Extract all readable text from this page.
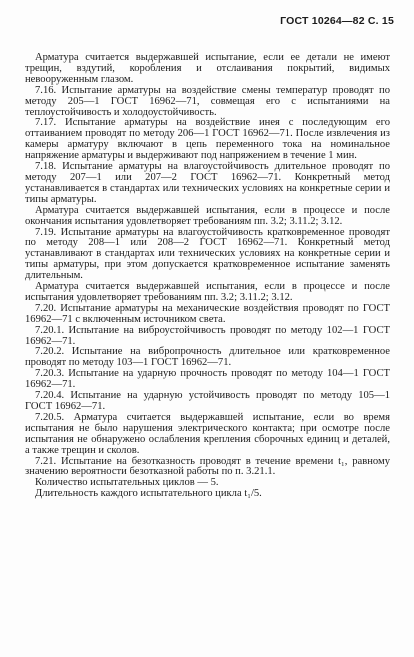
ГОСТ 10264—82 С. 15

Арматура считается выдержавшей испытание, если ее детали не имеют трещин, вздутий, коробления и отслаивания покрытий, видимых невооруженным глазом.

7.16. Испытание арматуры на воздействие смены температур проводят по методу 205—1 ГОСТ 16962—71, совмещая его с испытаниями на теплоустойчивость и холодоустойчивость.

7.17. Испытание арматуры на воздействие инея с последующим его оттаиванием проводят по методу 206—1 ГОСТ 16962—71. После извлечения из камеры арматуру включают в цепь переменного тока на номинальное напряжение арматуры и выдерживают под напряжением в течение 1 мин.

7.18. Испытание арматуры на влагоустойчивость длительное проводят по методу 207—1 или 207—2 ГОСТ 16962—71. Конкретный метод устанавливается в стандартах или технических условиях на конкретные серии и типы арматуры.

Арматура считается выдержавшей испытания, если в процессе и после окончания испытания удовлетворяет требованиям пп. 3.2; 3.11.2; 3.12.

7.19. Испытание арматуры на влагоустойчивость кратковременное проводят по методу 208—1 или 208—2 ГОСТ 16962—71. Конкретный метод устанавливают в стандартах или технических условиях на конкретные серии и типы арматуры, при этом допускается кратковременное испытание заменять длительным.

Арматура считается выдержавшей испытания, если в процессе и после испытания удовлетворяет требованиям пп. 3.2; 3.11.2; 3.12.

7.20. Испытание арматуры на механические воздействия проводят по ГОСТ 16962—71 с включенным источником света.

7.20.1. Испытание на виброустойчивость проводят по методу 102—1 ГОСТ 16962—71.

7.20.2. Испытание на вибропрочность длительное или кратковременное проводят по методу 103—1 ГОСТ 16962—71.

7.20.3. Испытание на ударную прочность проводят по методу 104—1 ГОСТ 16962—71.

7.20.4. Испытание на ударную устойчивость проводят по методу 105—1 ГОСТ 16962—71.

7.20.5. Арматура считается выдержавшей испытание, если во время испытания не было нарушения электрического контакта; при осмотре после испытания не обнаружено ослабления крепления сборочных единиц и деталей, а также трещин и сколов.

7.21. Испытание на безотказность проводят в течение времени t₁, равному значению вероятности безотказной работы по п. 3.21.1.

Количество испытательных циклов — 5.

Длительность каждого испытательного цикла t₁/5.
